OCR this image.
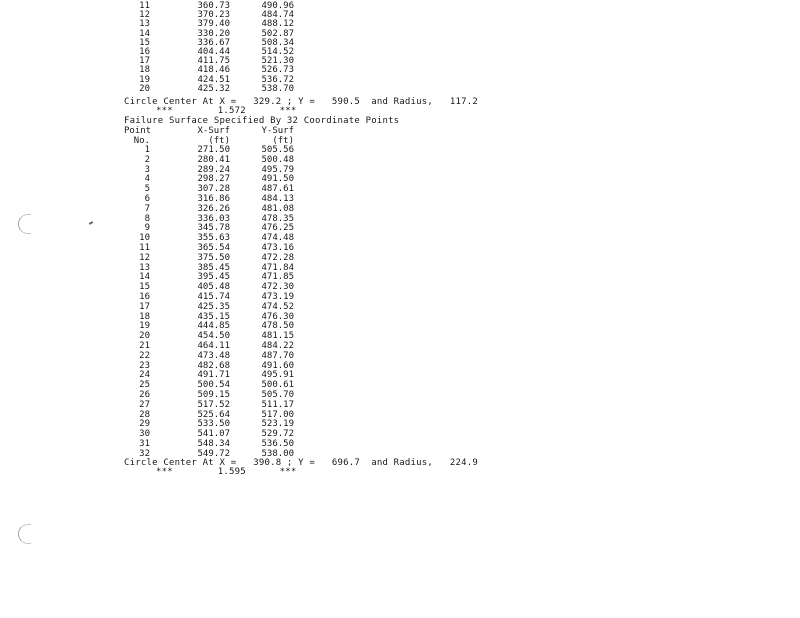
11	360.73	490.96
12	370.23	484.74
13	379.40	488.12
14	330.20	502.87
15	336.67	508.34
16	404.44	514.52
17	411.75	521.30
18	418.46	526.73
19	424.51	536.72
20	425.32	538.70
Circle Center At X =   329.2 ; Y =   590.5  and Radius,   117.2
***        1.572      ***
Failure Surface Specified By 32 Coordinate Points
Point	X-Surf	Y-Surf
No.	(ft)	(ft)
1	271.50	505.56
2	280.41	500.48
3	289.24	495.79
4	298.27	491.50
5	307.28	487.61
6	316.86	484.13
7	326.26	481.08
8	336.03	478.35
9	345.78	476.25
10	355.63	474.48
11	365.54	473.16
12	375.50	472.28
13	385.45	471.84
14	395.45	471.85
15	405.48	472.30
16	415.74	473.19
17	425.35	474.52
18	435.15	476.30
19	444.85	478.50
20	454.50	481.15
21	464.11	484.22
22	473.48	487.70
23	482.68	491.60
24	491.71	495.91
25	500.54	500.61
26	509.15	505.70
27	517.52	511.17
28	525.64	517.00
29	533.50	523.19
30	541.07	529.72
31	548.34	536.50
32	549.72	538.00
Circle Center At X =   390.8 ; Y =   696.7  and Radius,   224.9
***        1.595      ***
